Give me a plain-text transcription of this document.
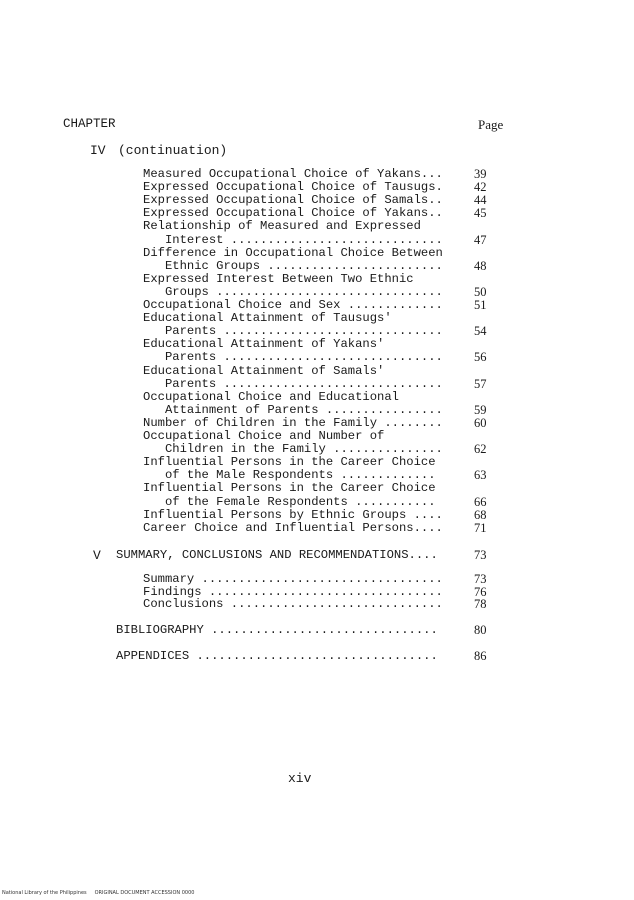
CHAPTER	Page
IV (continuation)
Measured Occupational Choice of Yakans... 39
Expressed Occupational Choice of Tausugs. 42
Expressed Occupational Choice of Samals.. 44
Expressed Occupational Choice of Yakans.. 45
Relationship of Measured and Expressed
Interest ............................. 47
Difference in Occupational Choice Between
Ethnic Groups ........................ 48
Expressed Interest Between Two Ethnic
Groups ............................... 50
Occupational Choice and Sex ............. 51
Educational Attainment of Tausugs'
Parents .............................. 54
Educational Attainment of Yakans'
Parents .............................. 56
Educational Attainment of Samals'
Parents .............................. 57
Occupational Choice and Educational
Attainment of Parents ................ 59
Number of Children in the Family ........ 60
Occupational Choice and Number of
Children in the Family ............... 62
Influential Persons in the Career Choice
of the Male Respondents .............	63
Influential Persons in the Career Choice
of the Female Respondents ...........	66
Influential Persons by Ethnic Groups .... 68
Career Choice and Influential Persons.... 71
V SUMMARY, CONCLUSIONS AND RECOMMENDATIONS....	73
Summary ................................. 73
Findings ................................ 76
Conclusions ............................. 78
BIBLIOGRAPHY ...............................	80
APPENDICES .................................	86
xiv
National Library of the Philippines     ORIGINAL DOCUMENT ACCESSION 0000
